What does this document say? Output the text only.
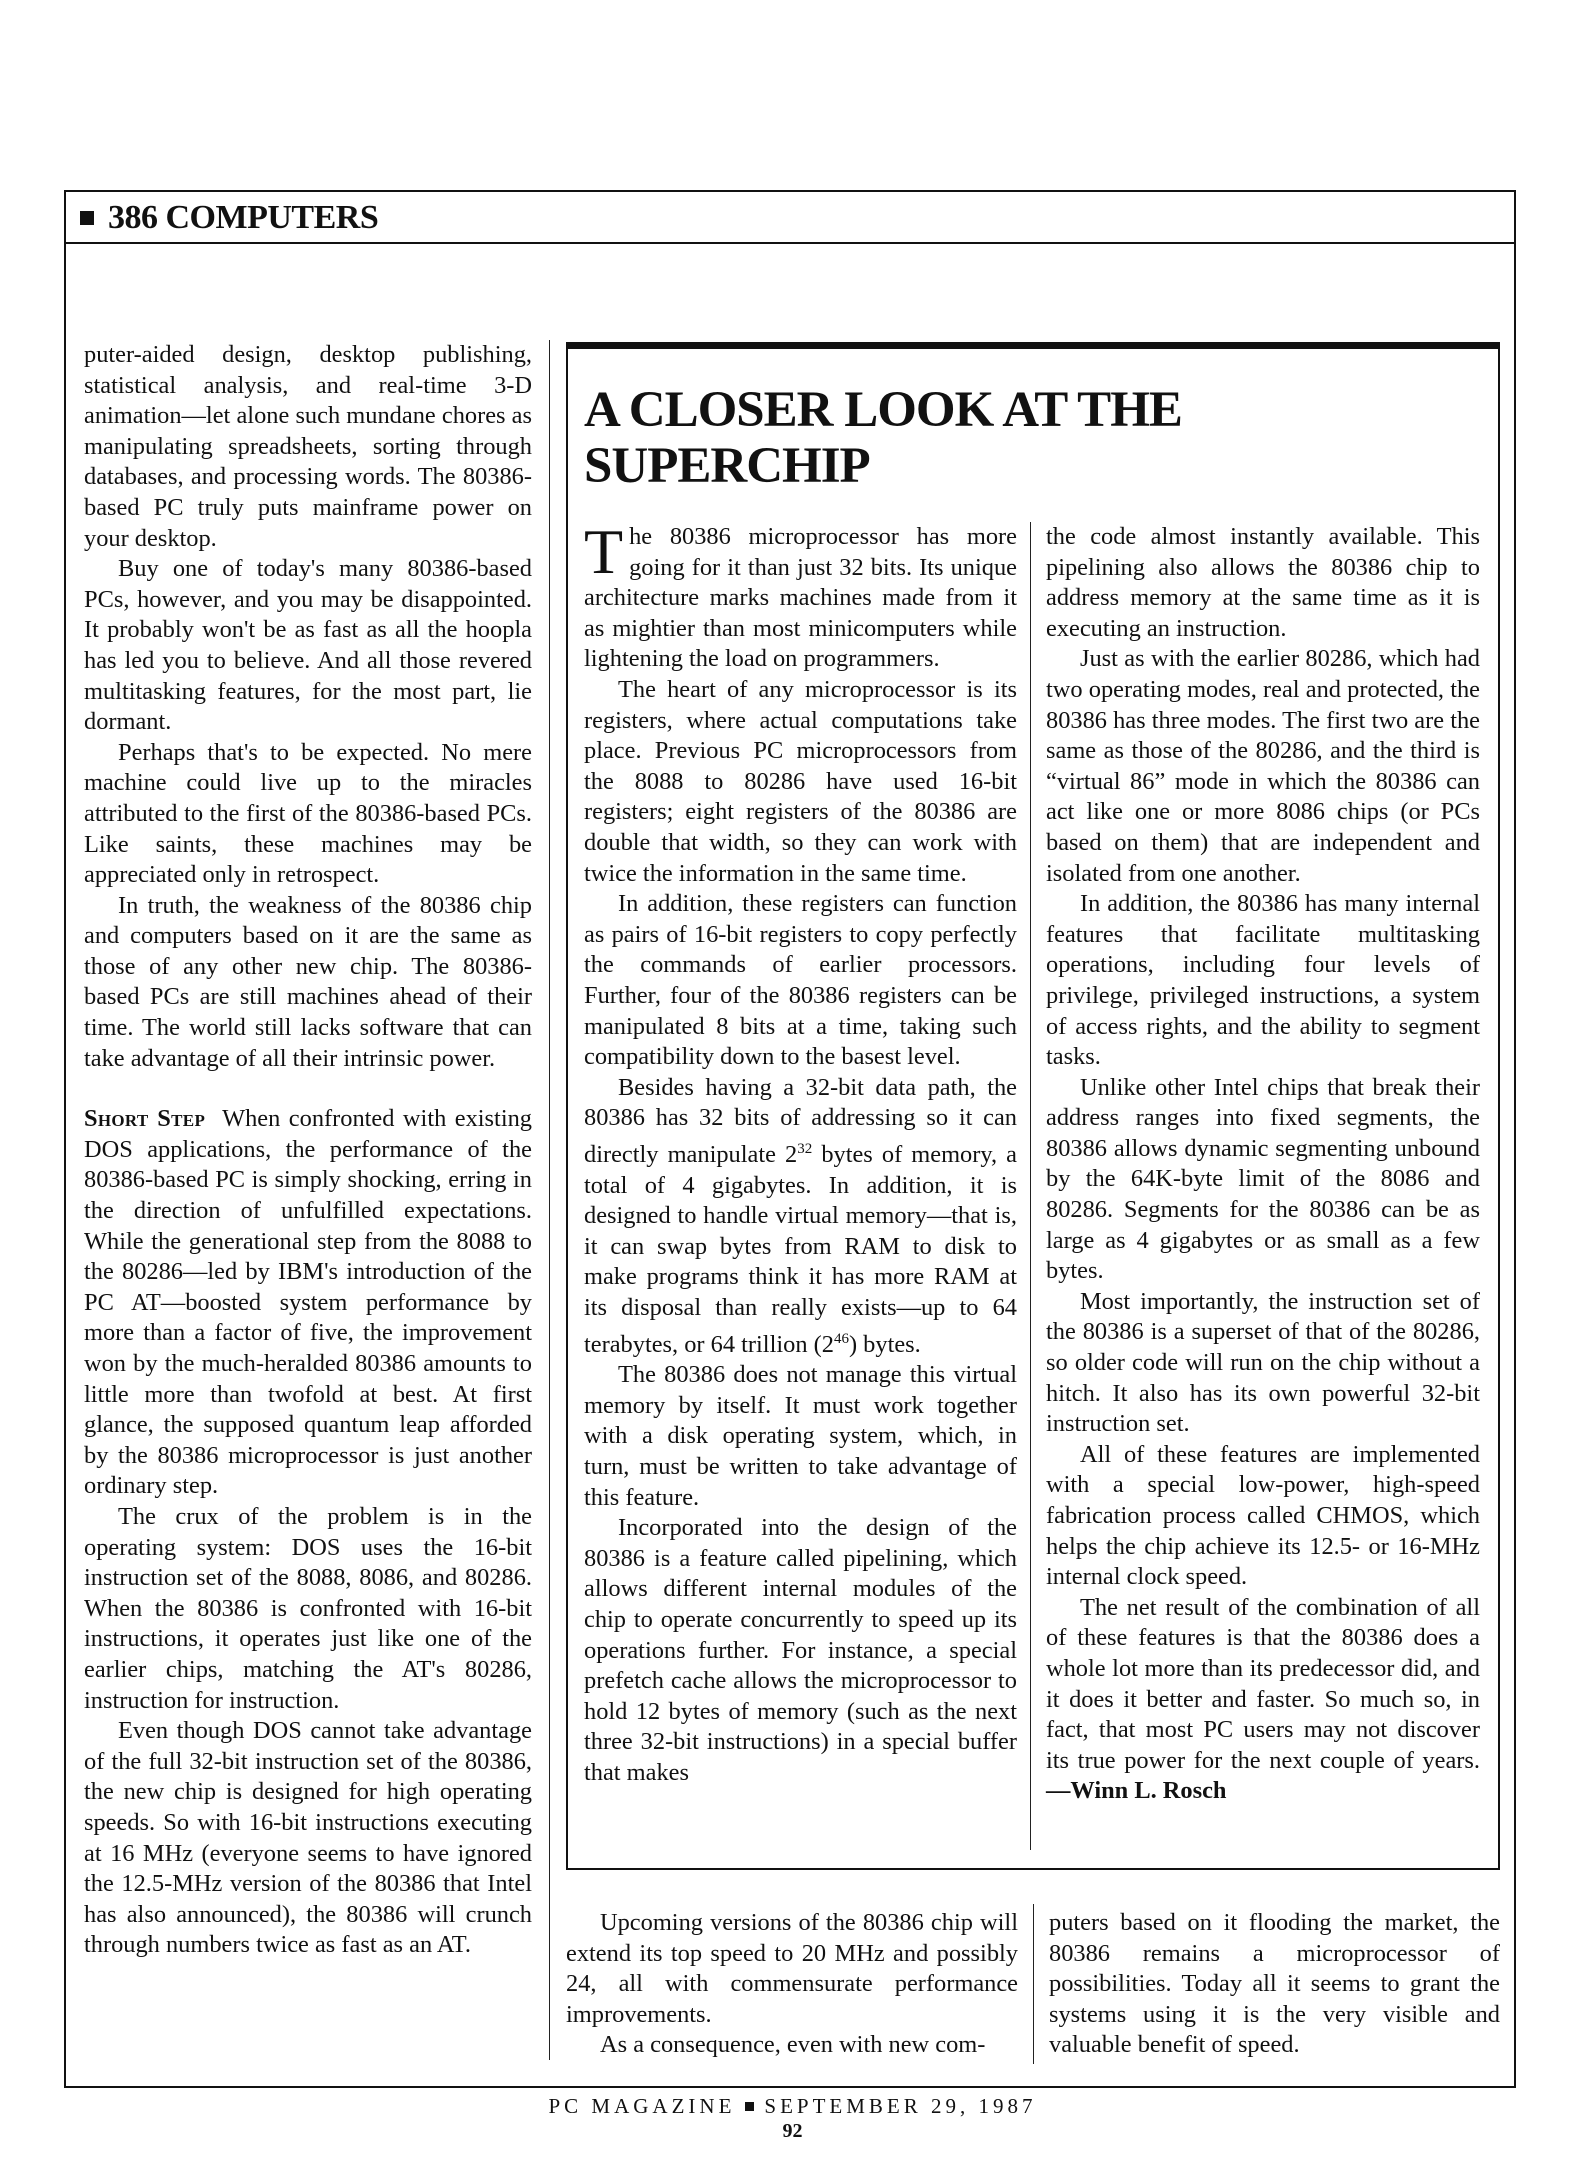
386 COMPUTERS

puter-aided design, desktop publishing, statistical analysis, and real-time 3-D animation—let alone such mundane chores as manipulating spreadsheets, sorting through databases, and processing words. The 80386-based PC truly puts mainframe power on your desktop.

Buy one of today's many 80386-based PCs, however, and you may be disappointed. It probably won't be as fast as all the hoopla has led you to believe. And all those revered multitasking features, for the most part, lie dormant.

Perhaps that's to be expected. No mere machine could live up to the miracles attributed to the first of the 80386-based PCs. Like saints, these machines may be appreciated only in retrospect.

In truth, the weakness of the 80386 chip and computers based on it are the same as those of any other new chip. The 80386-based PCs are still machines ahead of their time. The world still lacks software that can take advantage of all their intrinsic power.

Short Step When confronted with existing DOS applications, the performance of the 80386-based PC is simply shocking, erring in the direction of unfulfilled expectations. While the generational step from the 8088 to the 80286—led by IBM's introduction of the PC AT—boosted system performance by more than a factor of five, the improvement won by the much-heralded 80386 amounts to little more than twofold at best. At first glance, the supposed quantum leap afforded by the 80386 microprocessor is just another ordinary step.

The crux of the problem is in the operating system: DOS uses the 16-bit instruction set of the 8088, 8086, and 80286. When the 80386 is confronted with 16-bit instructions, it operates just like one of the earlier chips, matching the AT's 80286, instruction for instruction.

Even though DOS cannot take advantage of the full 32-bit instruction set of the 80386, the new chip is designed for high operating speeds. So with 16-bit instructions executing at 16 MHz (everyone seems to have ignored the 12.5-MHz version of the 80386 that Intel has also announced), the 80386 will crunch through numbers twice as fast as an AT.

A CLOSER LOOK AT THE SUPERCHIP

The 80386 microprocessor has more going for it than just 32 bits. Its unique architecture marks machines made from it as mightier than most minicomputers while lightening the load on programmers.

The heart of any microprocessor is its registers, where actual computations take place. Previous PC microprocessors from the 8088 to 80286 have used 16-bit registers; eight registers of the 80386 are double that width, so they can work with twice the information in the same time.

In addition, these registers can function as pairs of 16-bit registers to copy perfectly the commands of earlier processors. Further, four of the 80386 registers can be manipulated 8 bits at a time, taking such compatibility down to the basest level.

Besides having a 32-bit data path, the 80386 has 32 bits of addressing so it can directly manipulate $2^{32}$ bytes of memory, a total of 4 gigabytes. In addition, it is designed to handle virtual memory—that is, it can swap bytes from RAM to disk to make programs think it has more RAM at its disposal than really exists—up to 64 terabytes, or 64 trillion $(2^{46})$ bytes.

The 80386 does not manage this virtual memory by itself. It must work together with a disk operating system, which, in turn, must be written to take advantage of this feature.

Incorporated into the design of the 80386 is a feature called pipelining, which allows different internal modules of the chip to operate concurrently to speed up its operations further. For instance, a special prefetch cache allows the microprocessor to hold 12 bytes of memory (such as the next three 32-bit instructions) in a special buffer that makes

the code almost instantly available. This pipelining also allows the 80386 chip to address memory at the same time as it is executing an instruction.

Just as with the earlier 80286, which had two operating modes, real and protected, the 80386 has three modes. The first two are the same as those of the 80286, and the third is “virtual 86” mode in which the 80386 can act like one or more 8086 chips (or PCs based on them) that are independent and isolated from one another.

In addition, the 80386 has many internal features that facilitate multitasking operations, including four levels of privilege, privileged instructions, a system of access rights, and the ability to segment tasks.

Unlike other Intel chips that break their address ranges into fixed segments, the 80386 allows dynamic segmenting unbound by the 64K-byte limit of the 8086 and 80286. Segments for the 80386 can be as large as 4 gigabytes or as small as a few bytes.

Most importantly, the instruction set of the 80386 is a superset of that of the 80286, so older code will run on the chip without a hitch. It also has its own powerful 32-bit instruction set.

All of these features are implemented with a special low-power, high-speed fabrication process called CHMOS, which helps the chip achieve its 12.5- or 16-MHz internal clock speed.

The net result of the combination of all of these features is that the 80386 does a whole lot more than its predecessor did, and it does it better and faster. So much so, in fact, that most PC users may not discover its true power for the next couple of years.—Winn L. Rosch

Upcoming versions of the 80386 chip will extend its top speed to 20 MHz and possibly 24, all with commensurate performance improvements.

As a consequence, even with new com-

puters based on it flooding the market, the 80386 remains a microprocessor of possibilities. Today all it seems to grant the systems using it is the very visible and valuable benefit of speed.

PC MAGAZINE SEPTEMBER 29, 1987
92
